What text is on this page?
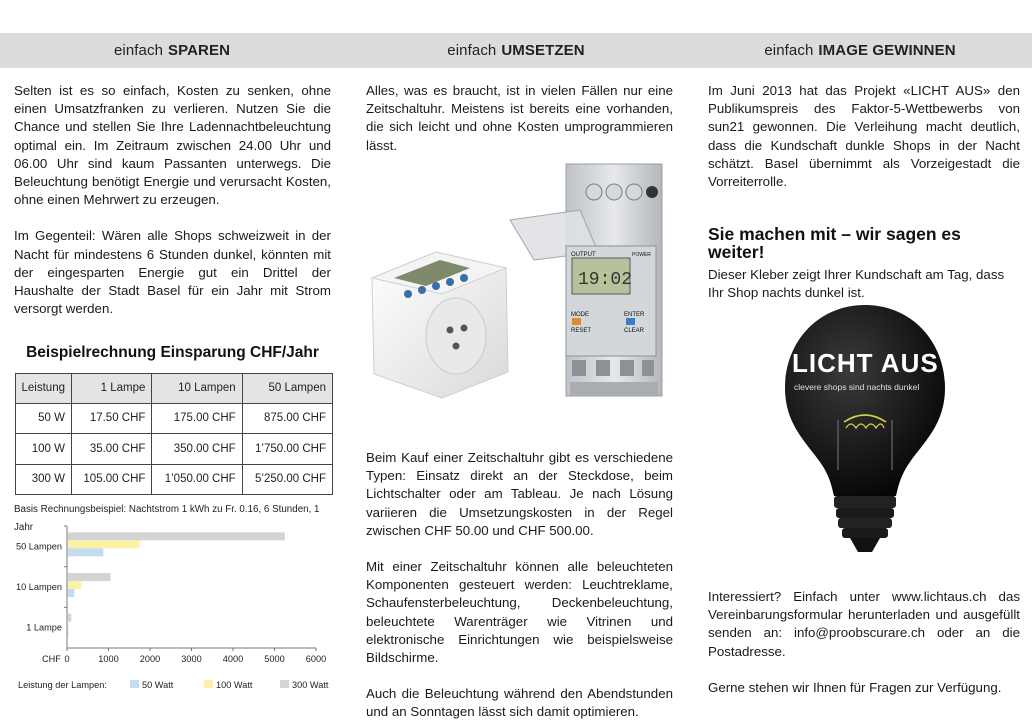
einfach SPAREN	einfach UMSETZEN	einfach IMAGE GEWINNEN

Selten ist es so einfach, Kosten zu senken, ohne einen Umsatzfranken zu verlieren. Nutzen Sie die Chance und stellen Sie Ihre Ladennachtbeleuchtung optimal ein. Im Zeitraum zwischen 24.00 Uhr und 06.00 Uhr sind kaum Passanten unterwegs. Die Beleuchtung benötigt Energie und verursacht Kosten, ohne einen Mehrwert zu erzeugen.

Im Gegenteil: Wären alle Shops schweizweit in der Nacht für mindestens 6 Stunden dunkel, könnten mit der eingesparten Energie gut ein Drittel der Haushalte der Stadt Basel für ein Jahr mit Strom versorgt werden.

Beispielrechnung Einsparung CHF/Jahr
Leistung	1 Lampe	10 Lampen	50 Lampen
50 W	17.50 CHF	175.00 CHF	875.00 CHF
100 W	35.00 CHF	350.00 CHF	1’750.00 CHF
300 W	105.00 CHF	1’050.00 CHF	5’250.00 CHF
Basis Rechnungsbeispiel: Nachtstrom 1 kWh zu Fr. 0.16, 6 Stunden, 1 Jahr
1 Lampe
10 Lampen
50 Lampen
0	1000 2000 3000 4000 5000 6000
CHF
Leistung der Lampen:	50 Watt	100 Watt	300 Watt

Alles, was es braucht, ist in vielen Fällen nur eine Zeitschaltuhr. Meistens ist bereits eine vorhanden, die sich leicht und ohne Kosten umprogrammieren lässt.

19:02
OUTPUT	POWER
MODE
RESET
ENTER
CLEAR

Beim Kauf einer Zeitschaltuhr gibt es verschiedene Typen: Einsatz direkt an der Steckdose, beim Lichtschalter oder am Tableau. Je nach Lösung variieren die Umsetzungskosten in der Regel zwischen CHF 50.00 und CHF 500.00.

Mit einer Zeitschaltuhr können alle beleuchteten Komponenten gesteuert werden: Leuchtreklame, Schaufensterbeleuchtung, Deckenbeleuchtung, beleuchtete Warenträger wie Vitrinen und elektronische Einrichtungen wie beispielsweise Bildschirme.

Auch die Beleuchtung während den Abendstunden und an Sonntagen lässt sich damit optimieren.

Im Juni 2013 hat das Projekt «LICHT AUS» den Publikumspreis des Faktor-5-Wettbewerbs von sun21 gewonnen. Die Verleihung macht deutlich, dass die Kundschaft dunkle Shops in der Nacht schätzt. Basel übernimmt als Vorzeigestadt die Vorreiterrolle.

Sie machen mit – wir sagen es weiter!

Dieser Kleber zeigt Ihrer Kundschaft am Tag, dass Ihr Shop nachts dunkel ist.

LICHT AUS
clevere shops sind nachts dunkel

Interessiert? Einfach unter www.lichtaus.ch das Vereinbarungsformular herunterladen und ausgefüllt senden an: info@proobscurare.ch oder an die Postadresse.

Gerne stehen wir Ihnen für Fragen zur Verfügung.
